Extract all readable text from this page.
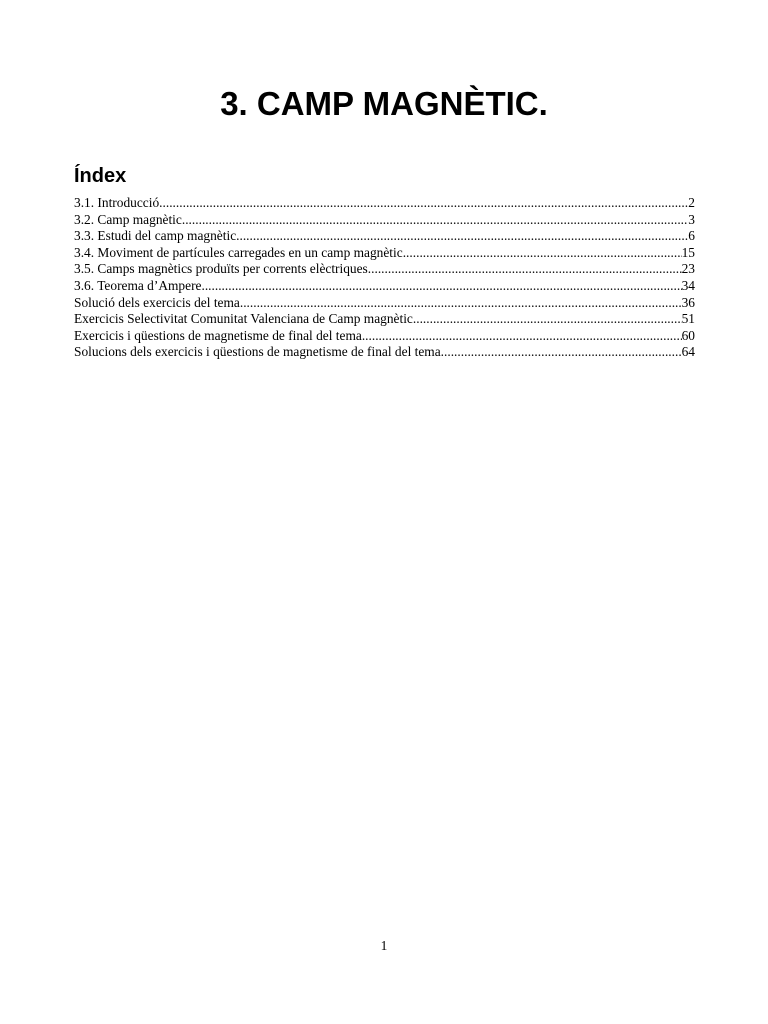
3. CAMP MAGNÈTIC.
Índex
3.1. Introducció .....	2
3.2. Camp magnètic .....	3
3.3. Estudi del camp magnètic .....	6
3.4. Moviment de partícules carregades en un camp magnètic .....	15
3.5. Camps magnètics produïts per corrents elèctriques .....	23
3.6. Teorema d’Ampere .....	34
Solució dels exercicis del tema .....	36
Exercicis Selectivitat Comunitat Valenciana de Camp magnètic .....	51
Exercicis i qüestions de magnetisme de final del tema .....	60
Solucions dels exercicis i qüestions de magnetisme de final del tema. .....	64
1
